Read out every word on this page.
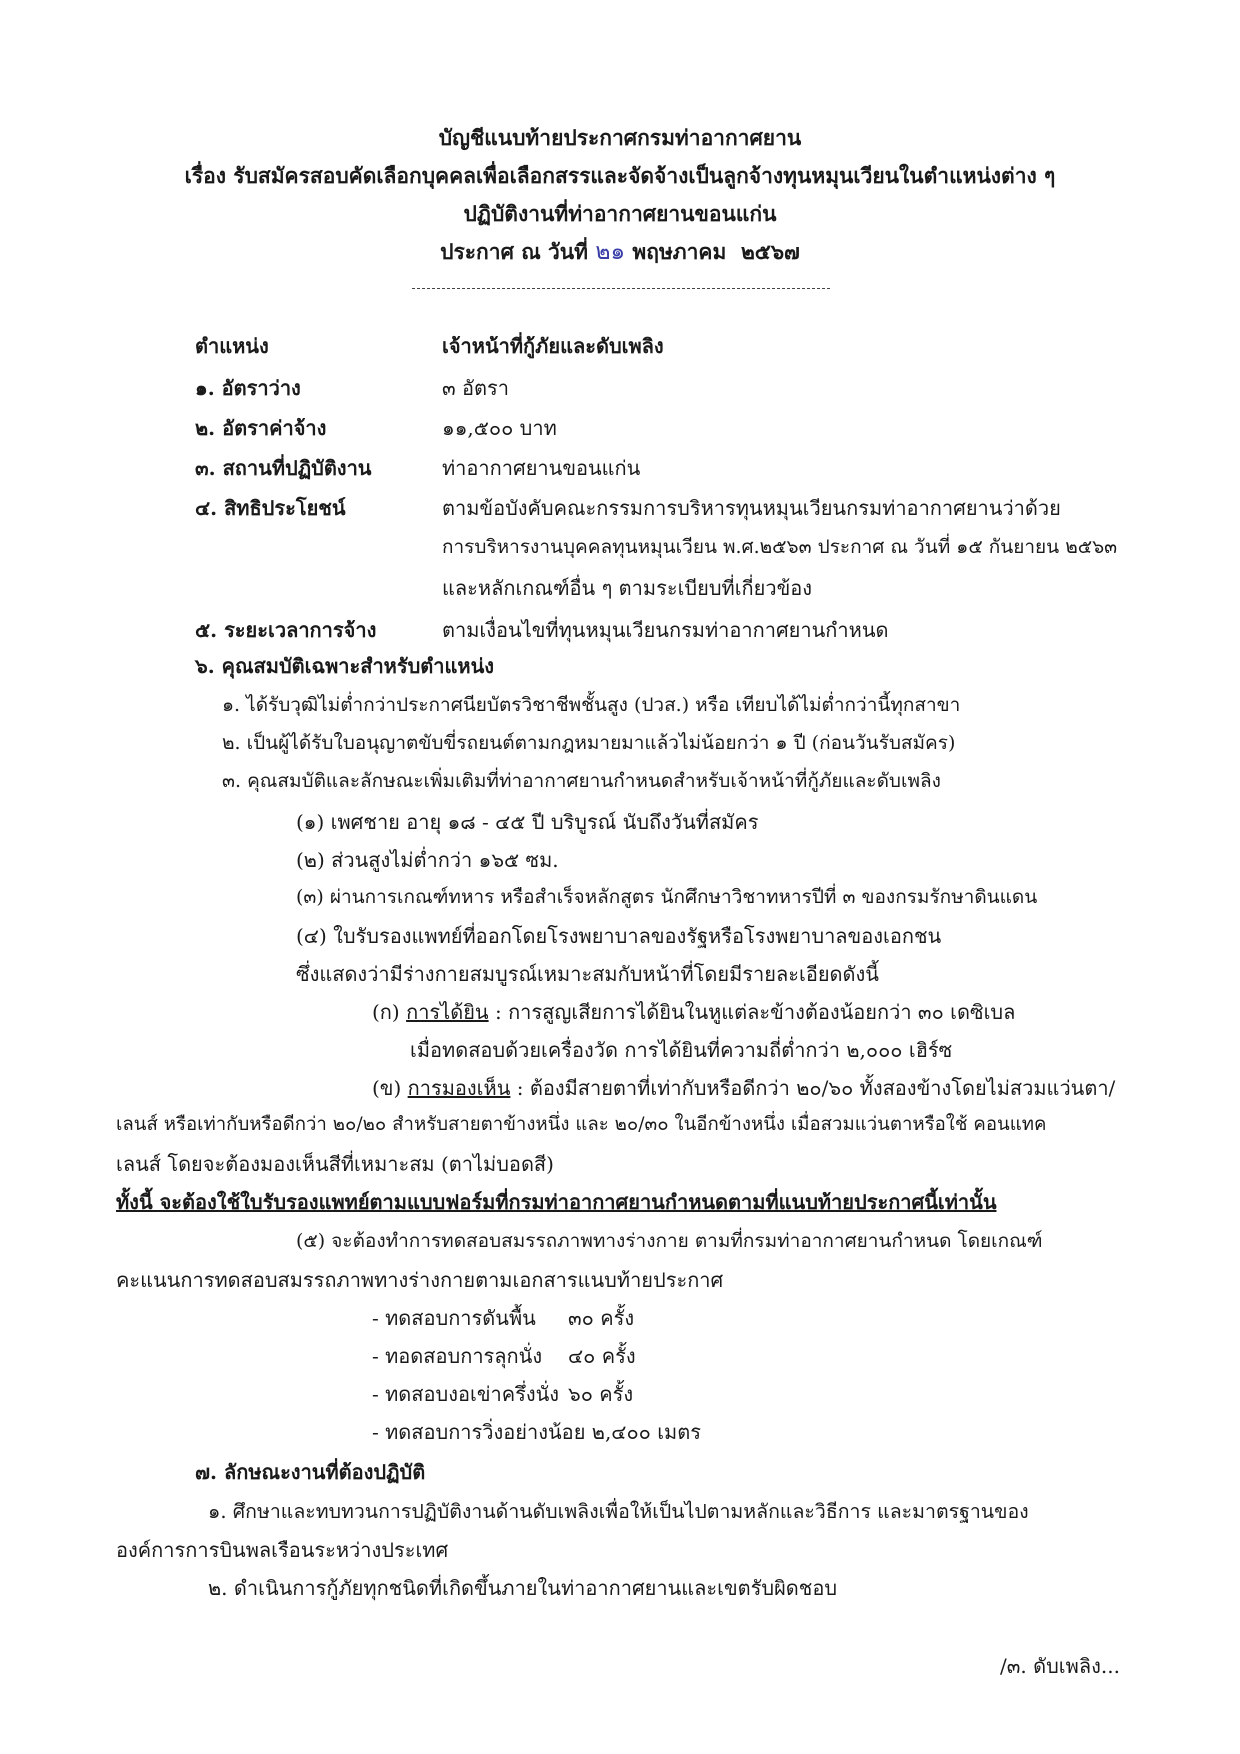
บัญชีแนบท้ายประกาศกรมท่าอากาศยาน
เรื่อง รับสมัครสอบคัดเลือกบุคคลเพื่อเลือกสรรและจัดจ้างเป็นลูกจ้างทุนหมุนเวียนในตำแหน่งต่าง ๆ
ปฏิบัติงานที่ท่าอากาศยานขอนแก่น
ประกาศ ณ วันที่ ๒๑ พฤษภาคม ๒๕๖๗
ตำแหน่ง	เจ้าหน้าที่กู้ภัยและดับเพลิง
๑. อัตราว่าง	๓ อัตรา
๒. อัตราค่าจ้าง	๑๑,๕๐๐ บาท
๓. สถานที่ปฏิบัติงาน	ท่าอากาศยานขอนแก่น
๔. สิทธิประโยชน์	ตามข้อบังคับคณะกรรมการบริหารทุนหมุนเวียนกรมท่าอากาศยานว่าด้วย
การบริหารงานบุคคลทุนหมุนเวียน พ.ศ.๒๕๖๓ ประกาศ ณ วันที่ ๑๕ กันยายน ๒๕๖๓
และหลักเกณฑ์อื่น ๆ ตามระเบียบที่เกี่ยวข้อง
๕. ระยะเวลาการจ้าง	ตามเงื่อนไขที่ทุนหมุนเวียนกรมท่าอากาศยานกำหนด
๖. คุณสมบัติเฉพาะสำหรับตำแหน่ง
๑. ได้รับวุฒิไม่ต่ำกว่าประกาศนียบัตรวิชาชีพชั้นสูง (ปวส.) หรือ เทียบได้ไม่ต่ำกว่านี้ทุกสาขา
๒. เป็นผู้ได้รับใบอนุญาตขับขี่รถยนต์ตามกฎหมายมาแล้วไม่น้อยกว่า ๑ ปี (ก่อนวันรับสมัคร)
๓. คุณสมบัติและลักษณะเพิ่มเติมที่ท่าอากาศยานกำหนดสำหรับเจ้าหน้าที่กู้ภัยและดับเพลิง
(๑) เพศชาย อายุ ๑๘ - ๔๕ ปี บริบูรณ์ นับถึงวันที่สมัคร
(๒) ส่วนสูงไม่ต่ำกว่า ๑๖๕ ซม.
(๓) ผ่านการเกณฑ์ทหาร หรือสำเร็จหลักสูตร นักศึกษาวิชาทหารปีที่ ๓ ของกรมรักษาดินแดน
(๔) ใบรับรองแพทย์ที่ออกโดยโรงพยาบาลของรัฐหรือโรงพยาบาลของเอกชน
ซึ่งแสดงว่ามีร่างกายสมบูรณ์เหมาะสมกับหน้าที่โดยมีรายละเอียดดังนี้
(ก) การได้ยิน : การสูญเสียการได้ยินในหูแต่ละข้างต้องน้อยกว่า ๓๐ เดซิเบล
เมื่อทดสอบด้วยเครื่องวัด การได้ยินที่ความถี่ต่ำกว่า ๒,๐๐๐ เฮิร์ซ
(ข) การมองเห็น : ต้องมีสายตาที่เท่ากับหรือดีกว่า ๒๐/๖๐ ทั้งสองข้างโดยไม่สวมแว่นตา/
เลนส์ หรือเท่ากับหรือดีกว่า ๒๐/๒๐ สำหรับสายตาข้างหนึ่ง และ ๒๐/๓๐ ในอีกข้างหนึ่ง เมื่อสวมแว่นตาหรือใช้ คอนแทค
เลนส์ โดยจะต้องมองเห็นสีที่เหมาะสม (ตาไม่บอดสี)
ทั้งนี้ จะต้องใช้ใบรับรองแพทย์ตามแบบฟอร์มที่กรมท่าอากาศยานกำหนดตามที่แนบท้ายประกาศนี้เท่านั้น
(๕) จะต้องทำการทดสอบสมรรถภาพทางร่างกาย ตามที่กรมท่าอากาศยานกำหนด โดยเกณฑ์
คะแนนการทดสอบสมรรถภาพทางร่างกายตามเอกสารแนบท้ายประกาศ
- ทดสอบการดันพื้น ๓๐ ครั้ง
- ทอดสอบการลุกนั่ง ๔๐ ครั้ง
- ทดสอบงอเข่าครึ่งนั่ง ๖๐ ครั้ง
- ทดสอบการวิ่งอย่างน้อย ๒,๔๐๐ เมตร
๗. ลักษณะงานที่ต้องปฏิบัติ
๑. ศึกษาและทบทวนการปฏิบัติงานด้านดับเพลิงเพื่อให้เป็นไปตามหลักและวิธีการ และมาตรฐานของ
องค์การการบินพลเรือนระหว่างประเทศ
๒. ดำเนินการกู้ภัยทุกชนิดที่เกิดขึ้นภายในท่าอากาศยานและเขตรับผิดชอบ
/๓. ดับเพลิง...
